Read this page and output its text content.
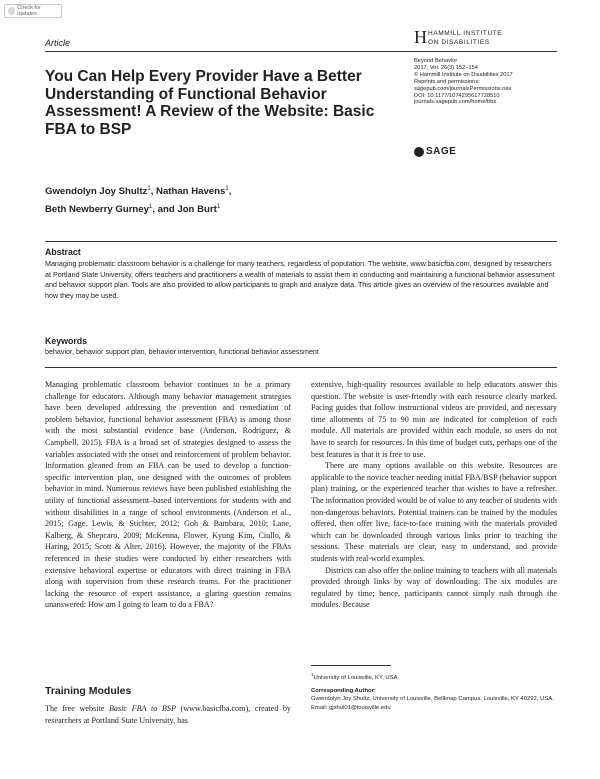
Check for updates
Article	H HAMMILL INSTITUTE
ON DISABILITIES
You Can Help Every Provider Have a Better Understanding of Functional Behavior Assessment! A Review of the Website: Basic FBA to BSP
Beyond Behavior
2017, Vol. 26(3) 152–154
© Hammill Institute on Disabilities 2017
Reprints and permissions:
sagepub.com/journalsPermissions.nav
DOI: 10.1177/1074295617728510
journals.sagepub.com/home/bbx
SAGE
Gwendolyn Joy Shultz$^1$, Nathan Havens$^1$,
Beth Newberry Gurney$^1$, and Jon Burt$^1$
Abstract

Managing problematic classroom behavior is a challenge for many teachers, regardless of population. The website, www.basicfba.com, designed by researchers at Portland State University, offers teachers and practitioners a wealth of materials to assist them in conducting and maintaining a functional behavior assessment and behavior support plan. Tools are also provided to allow participants to graph and analyze data. This article gives an overview of the resources available and how they may be used.

Keywords
behavior, behavior support plan, behavior intervention, functional behavior assessment

Managing problematic classroom behavior continues to be a primary challenge for educators. Although many behavior management strategies have been developed addressing the prevention and remediation of problem behavior, functional behavior assessment (FBA) is among those with the most substantial evidence base (Anderson, Rodriguez, & Campbell, 2015). FBA is a broad set of strategies designed to assess the variables associated with the onset and reinforcement of problem behavior. Information gleaned from an FBA can be used to develop a function-specific intervention plan, one designed with the outcomes of problem behavior in mind. Numerous reviews have been published establishing the utility of functional assessment–based interventions for students with and without disabilities in a range of school environments (Anderson et al., 2015; Gage, Lewis, & Stichter, 2012; Goh & Bambara, 2010; Lane, Kalberg, & Shepcaro, 2009; McKenna, Flower, Kyung Kim, Ciullo, & Haring, 2015; Scott & Alter, 2016). However, the majority of the FBAs referenced in these studies were conducted by either researchers with extensive behavioral expertise or educators with direct training in FBA along with supervision from these research teams. For the practitioner lacking the resource of expert assistance, a glaring question remains unanswered: How am I going to learn to do a FBA?

Training Modules

The free website Basic FBA to BSP (www.basicfba.com), created by researchers at Portland State University, has

extensive, high-quality resources available to help educators answer this question. The website is user-friendly with each resource clearly marked. Pacing guides that follow instructional videos are provided, and necessary time allotments of 75 to 90 min are indicated for completion of each module. All materials are provided within each module, so users do not have to search for resources. In this time of budget cuts, perhaps one of the best features is that it is free to use.

There are many options available on this website. Resources are applicable to the novice teacher needing initial FBA/BSP (behavior support plan) training, or the experienced teacher that wishes to have a refresher. The information provided would be of value to any teacher of students with non-dangerous behaviors. Potential trainers can be trained by the modules offered, then offer live, face-to-face training with the materials provided which can be downloaded through various links prior to teaching the sessions. These materials are clear, easy to understand, and provide students with real-world examples.

Districts can also offer the online training to teachers with all materials provided through links by way of downloading. The six modules are regulated by time; hence, participants cannot simply rush through the modules. Because

$^1$University of Louisville, KY, USA
Corresponding Author:
Gwendolyn Joy Shultz, University of Louisville, Bellknap Campus, Louisville, KY 40292, USA.
Email: gjshul01@louisville.edu
